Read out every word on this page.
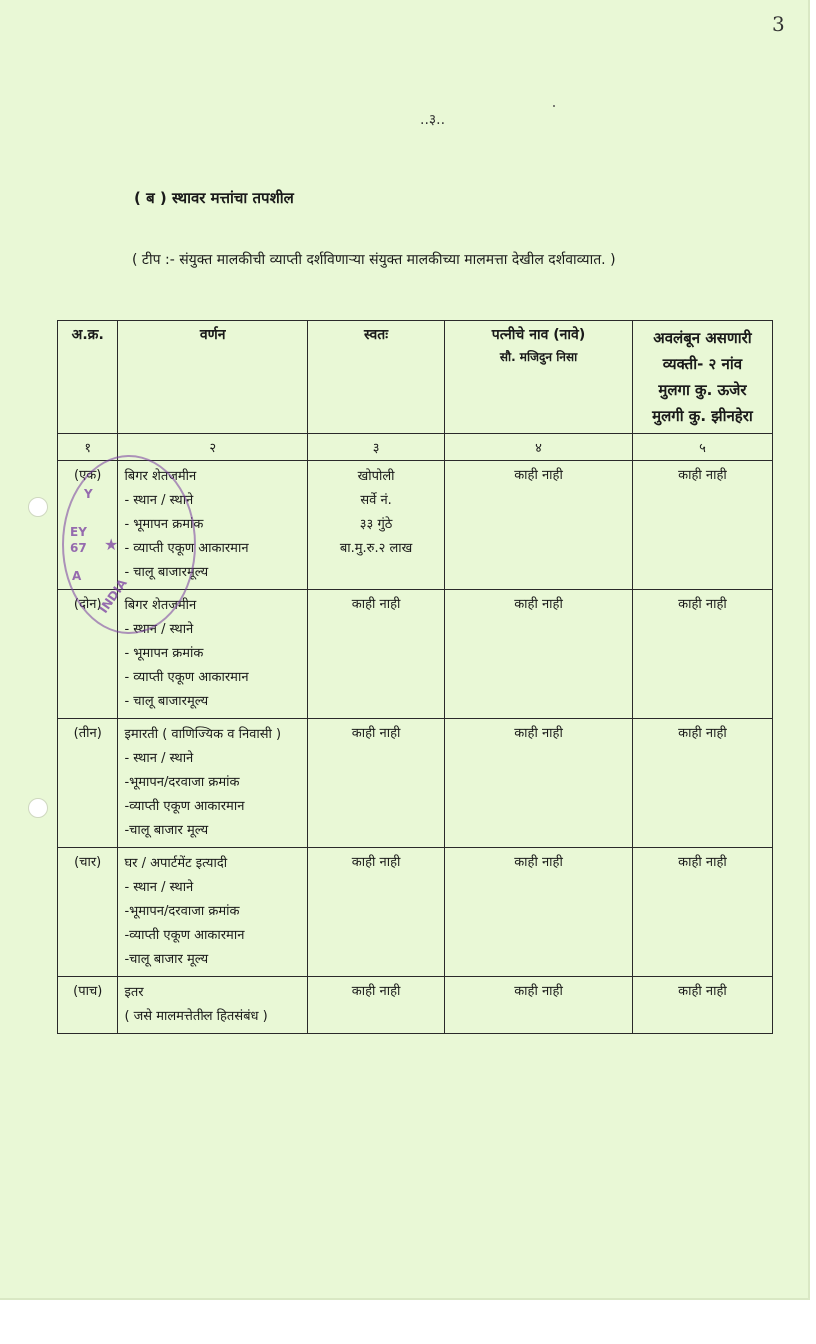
3
..३..
( ब ) स्थावर मत्तांचा तपशील
( टीप :- संयुक्त मालकीची व्याप्ती दर्शविणाऱ्या संयुक्त मालकीच्या मालमत्ता देखील दर्शवाव्यात. )
अ.क्र.	वर्णन	स्वतः	पत्नीचे नाव (नावे)
सौ. मजिदुन निसा	अवलंबून असणारी
व्यक्ती- २ नांव
मुलगा कु. ऊजेर
मुलगी कु. झीनहेरा

१	२	३	४	५
(एक)	बिगर शेतजमीन
- स्थान / स्थाने
- भूमापन क्रमांक
- व्याप्ती एकूण आकारमान
- चालू बाजारमूल्य	खोपोली
सर्वे नं.
३३ गुंठे
बा.मु.रु.२ लाख	काही नाही	काही नाही
(दोन)	बिगर शेतजमीन
- स्थान / स्थाने
- भूमापन क्रमांक
- व्याप्ती एकूण आकारमान
- चालू बाजारमूल्य	काही नाही	काही नाही	काही नाही
(तीन)	इमारती ( वाणिज्यिक व निवासी )
- स्थान / स्थाने
-भूमापन/दरवाजा क्रमांक
-व्याप्ती एकूण आकारमान
-चालू बाजार मूल्य	काही नाही	काही नाही	काही नाही
(चार)	घर / अपार्टमेंट इत्यादी
- स्थान / स्थाने
-भूमापन/दरवाजा क्रमांक
-व्याप्ती एकूण आकारमान
-चालू बाजार मूल्य	काही नाही	काही नाही	काही नाही
(पाच)	इतर
( जसे मालमत्तेतील हितसंबंध )	काही नाही	काही नाही	काही नाही
Y
EY
67 ★
A
INDIA
